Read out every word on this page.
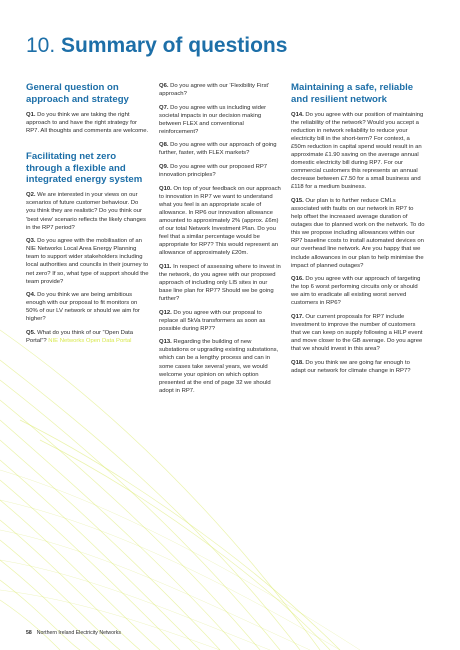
10. Summary of questions
General question on approach and strategy

Q1. Do you think we are taking the right approach to and have the right strategy for RP7. All thoughts and comments are welcome.

Facilitating net zero through a flexible and integrated energy system

Q2. We are interested in your views on our scenarios of future customer behaviour. Do you think they are realistic? Do you think our ‘best view’ scenario reflects the likely changes in the RP7 period?

Q3. Do you agree with the mobilisation of an NIE Networks Local Area Energy Planning team to support wider stakeholders including local authorities and councils in their journey to net zero? If so, what type of support should the team provide?

Q4. Do you think we are being ambitious enough with our proposal to fit monitors on 50% of our LV network or should we aim for higher?

Q5. What do you think of our “Open Data Portal”? NIE Networks Open Data Portal

Q6. Do you agree with our ‘Flexibility First’ approach?

Q7. Do you agree with us including wider societal impacts in our decision making between FLEX and conventional reinforcement?

Q8. Do you agree with our approach of going further, faster, with FLEX markets?

Q9. Do you agree with our proposed RP7 innovation principles?

Q10. On top of your feedback on our approach to innovation in RP7 we want to understand what you feel is an appropriate scale of allowance. In RP6 our innovation allowance amounted to approximately 2% (approx. £6m) of our total Network Investment Plan. Do you feel that a similar percentage would be appropriate for RP7? This would represent an allowance of approximately £20m.

Q11. In respect of assessing where to invest in the network, do you agree with our proposed approach of including only LI5 sites in our base line plan for RP7? Should we be going further?

Q12. Do you agree with our proposal to replace all 5kVa transformers as soon as possible during RP7?

Q13. Regarding the building of new substations or upgrading existing substations, which can be a lengthy process and can in some cases take several years, we would welcome your opinion on which option presented at the end of page 32 we should adopt in RP7.

Maintaining a safe, reliable and resilient network

Q14. Do you agree with our position of maintaining the reliability of the network? Would you accept a reduction in network reliability to reduce your electricity bill in the short-term? For context, a £50m reduction in capital spend would result in an approximate £1.90 saving on the average annual domestic electricity bill during RP7. For our commercial customers this represents an annual decrease between £7.50 for a small business and £118 for a medium business.

Q15. Our plan is to further reduce CMLs associated with faults on our network in RP7 to help offset the increased average duration of outages due to planned work on the network. To do this we propose including allowances within our RP7 baseline costs to install automated devices on our overhead line network. Are you happy that we include allowances in our plan to help minimise the impact of planned outages?

Q16. Do you agree with our approach of targeting the top 6 worst performing circuits only or should we aim to eradicate all existing worst served customers in RP6?

Q17. Our current proposals for RP7 include investment to improve the number of customers that we can keep on supply following a HILP event and move closer to the GB average. Do you agree that we should invest in this area?

Q18. Do you think we are going far enough to adapt our network for climate change in RP7?

58 Northern Ireland Electricity Networks
